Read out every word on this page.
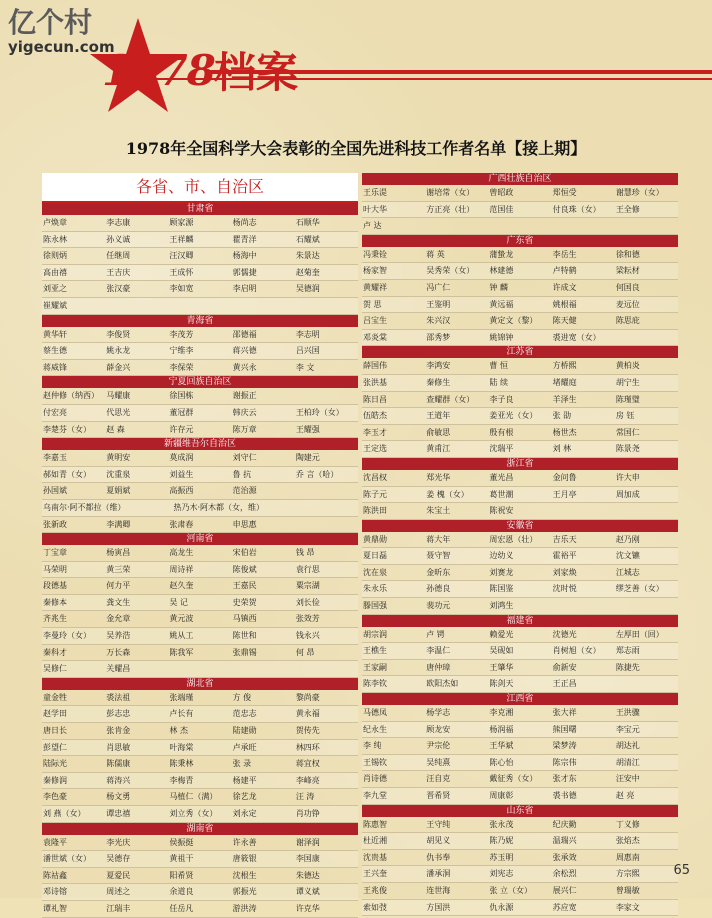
亿个村
yigecun.com
1978 档案
1978年全国科学大会表彰的全国先进科技工作者名单【接上期】
各省、市、自治区
甘肃省
卢焕章	李志康	顾家源	杨尚志	石顺华
陈永林	孙义诚	王祥麟	瞿青洋	石耀斌
徐则炳	任继周	汪汉卿	杨海中	朱景达
高由禧	王吉庆	王成怀	郭懦捷	赵菊奎
刘亚之	张汉豪	李如宽	李启明	吴德润
崔耀斌
青海省
黄华轩	李俊贤	李茂芳	邵德福	李志明
蔡生德	姚永龙	宁维李	蒋兴德	吕兴国
蒋威锋	薛金兴	李保荣	黄兴永	李 文
宁夏回族自治区
赵仲修（纳西） 马耀康	徐国栋	谢振正
付宏亮	代思光	董冠群	韩庆云	王柏玲（女）
李楚芬（女）	赵 森	许存元	陈万章	王耀强
新疆维吾尔自治区
李嘉玉	黄明安	莫成润	刘守仁	陶建元
郝如青（女）	沈重泉	刘益生	鲁 抗	乔 言（哈）
孙国斌	夏娟斌	高振西	范治源
乌南尔·阿不都拉（维）	热乃木·阿木都（女，维）
张新政	李满卿	张肃春	申思惠
河南省
丁宝章	杨寅昌	高龙生	宋伯岩	钱 昂
马荣明	黄三荣	周诗祥	陈俊斌	袁行思
段德基	何力平	赵久奎	王嘉民	粟宗湖
秦修本	龚文生	吴 记	史荣贺	刘长俭
齐兆生	金允章	黄元波	马镇西	张效芳
李曼玲（女）	吴养浩	姚从工	陈世和	钱永兴
秦科才	万长森	陈我军	张鼎锡	何 昂
吴修仁	关耀昌
湖北省
童金牲	裘法祖	张端瑾	方 俊	黎尚豪
赵学田	彭志忠	卢长有	范忠志	黄永福
唐日长	张肯金	林 杰	陆建勋	贺传先
彭望仁	肖思敏	叶海棠	卢承旺	林四环
陆际光	陈儒康	陈秉林	张 录	蒋宜权
秦修润	蒋涛兴	李梅青	杨建平	李峰亮
李色豪	杨文勇	马植仁（满）	徐艺龙	汪 涛
刘 燕（女）	谭忠禧	刘立秀（女）	刘永定	肖功铮
湖南省
袁隆平	李光庆	侯振挺	许永善	谢泽润
潘世斌（女）	吴德存	黄祖干	唐筱银	李国康
陈祜鑫	夏爱民	阳希贤	沈根生	朱德达
邓诗镕	周述之	余道良	郭振光	谭义斌
谭礼智	江瑞丰	任岳凡	游洪涛	许克华
广西壮族自治区
王乐湜	谢培常（女）	曾昭政	郑恒受	谢慧珍（女）
叶大华	方正亮（壮）	范国佳	付良珠（女）	王全修
卢 达
广东省
冯秉铨	蒋 英	蒲蛰龙	李岳生	徐和德
杨家智	吴秀荣（女）	林建德	卢特鹤	梁耘材
黄耀祥	冯广仁	钟 麟	许成文	何国良
贺 思	王鉴明	黄远福	姚根福	麦远位
吕宝生	朱兴汉	黄定文（黎）	陈天健	陈思庇
邓炎棠	邵秀梦	姚锦钟	裘进宽（女）
江苏省
薛国伟	李鸿安	曹 恒	方桥熙	黄柏炎
张洪基	秦修生	陆 续	堵耀庭	胡宁生
陈日昌	查耀群（女）	李子良	羊泽生	陈瑾璧
伍皓杰	王道年	姜亚光（女）	张 劭	房 钰
李玉才	俞敏思	殷有根	杨世杰	常国仁
王定选	黄甫江	沈瑞平	刘 林	陈景尧
浙江省
沈昌权	郑光华	董光昌	金问鲁	许大申
陈子元	姜 槐（女）	葛世潮	王月亭	周加成
陈洪田	朱宝土	陈祝安
安徽省
黄鼎勋	蒋大年	周宏恩（壮）	吉乐天	赵乃刚
夏日磊	聂守智	边幼义	霍裕平	沈文镳
沈在泉	金昕东	刘赛龙	刘家焕	江城志
朱永乐	孙德良	陈国鉴	沈时悦	缪芝善（女）
滕国强	裴功元	刘鸿生
福建省
胡宗润	卢 锷	赖爱光	沈德光	左厚田（回）
王樵生	李温仁	吴砚如	肖树旭（女）	郑志雨
王家嗣	唐仲璋	王肇华	俞新安	陈捷先
陈李钦	欧阳杰如	陈剑天	王正昌
江西省
马德凤	杨学志	李克湘	张大祥	王洪骤
纪永生	顾龙安	杨润福	熊国曙	李宝元
李 纯	尹宗伦	王华斌	梁梦涛	胡达礼
王锡钦	吴纯熹	陈心怡	陈宗伟	胡清江
肖诗德	汪自克	戴征秀（女）	张才东	汪安中
李九堂	晋希贤	周康彰	裘书德	赵 亮
山东省
陈惠智	王守纯	张永茂	纪庆勤	丁义修
杜近湘	胡见义	陈乃妮	温瑞兴	张焰杰
沈贵基	仇书奉	苏玉明	张承效	周惠南
王兴奎	潘承洞	刘宪志	余松烈	方宗熙
王兆俊	连世海	张 立（女）	展兴仁	曾瑞敏
索如弢	方国洪	仇永源	苏应宽	李家文
65
